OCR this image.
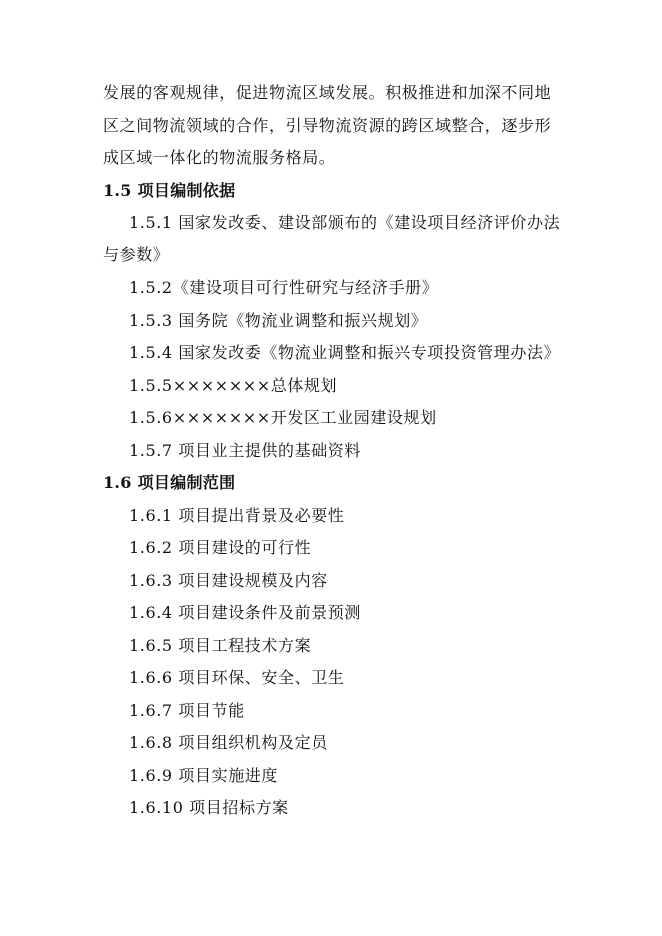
发展的客观规律，促进物流区域发展。积极推进和加深不同地
区之间物流领域的合作，引导物流资源的跨区域整合，逐步形
成区域一体化的物流服务格局。
1.5 项目编制依据
1.5.1 国家发改委、建设部颁布的《建设项目经济评价办法
与参数》
1.5.2《建设项目可行性研究与经济手册》
1.5.3 国务院《物流业调整和振兴规划》
1.5.4 国家发改委《物流业调整和振兴专项投资管理办法》
1.5.5×××××××总体规划
1.5.6×××××××开发区工业园建设规划
1.5.7 项目业主提供的基础资料
1.6 项目编制范围
1.6.1 项目提出背景及必要性
1.6.2 项目建设的可行性
1.6.3 项目建设规模及内容
1.6.4 项目建设条件及前景预测
1.6.5 项目工程技术方案
1.6.6 项目环保、安全、卫生
1.6.7 项目节能
1.6.8 项目组织机构及定员
1.6.9 项目实施进度
1.6.10 项目招标方案
